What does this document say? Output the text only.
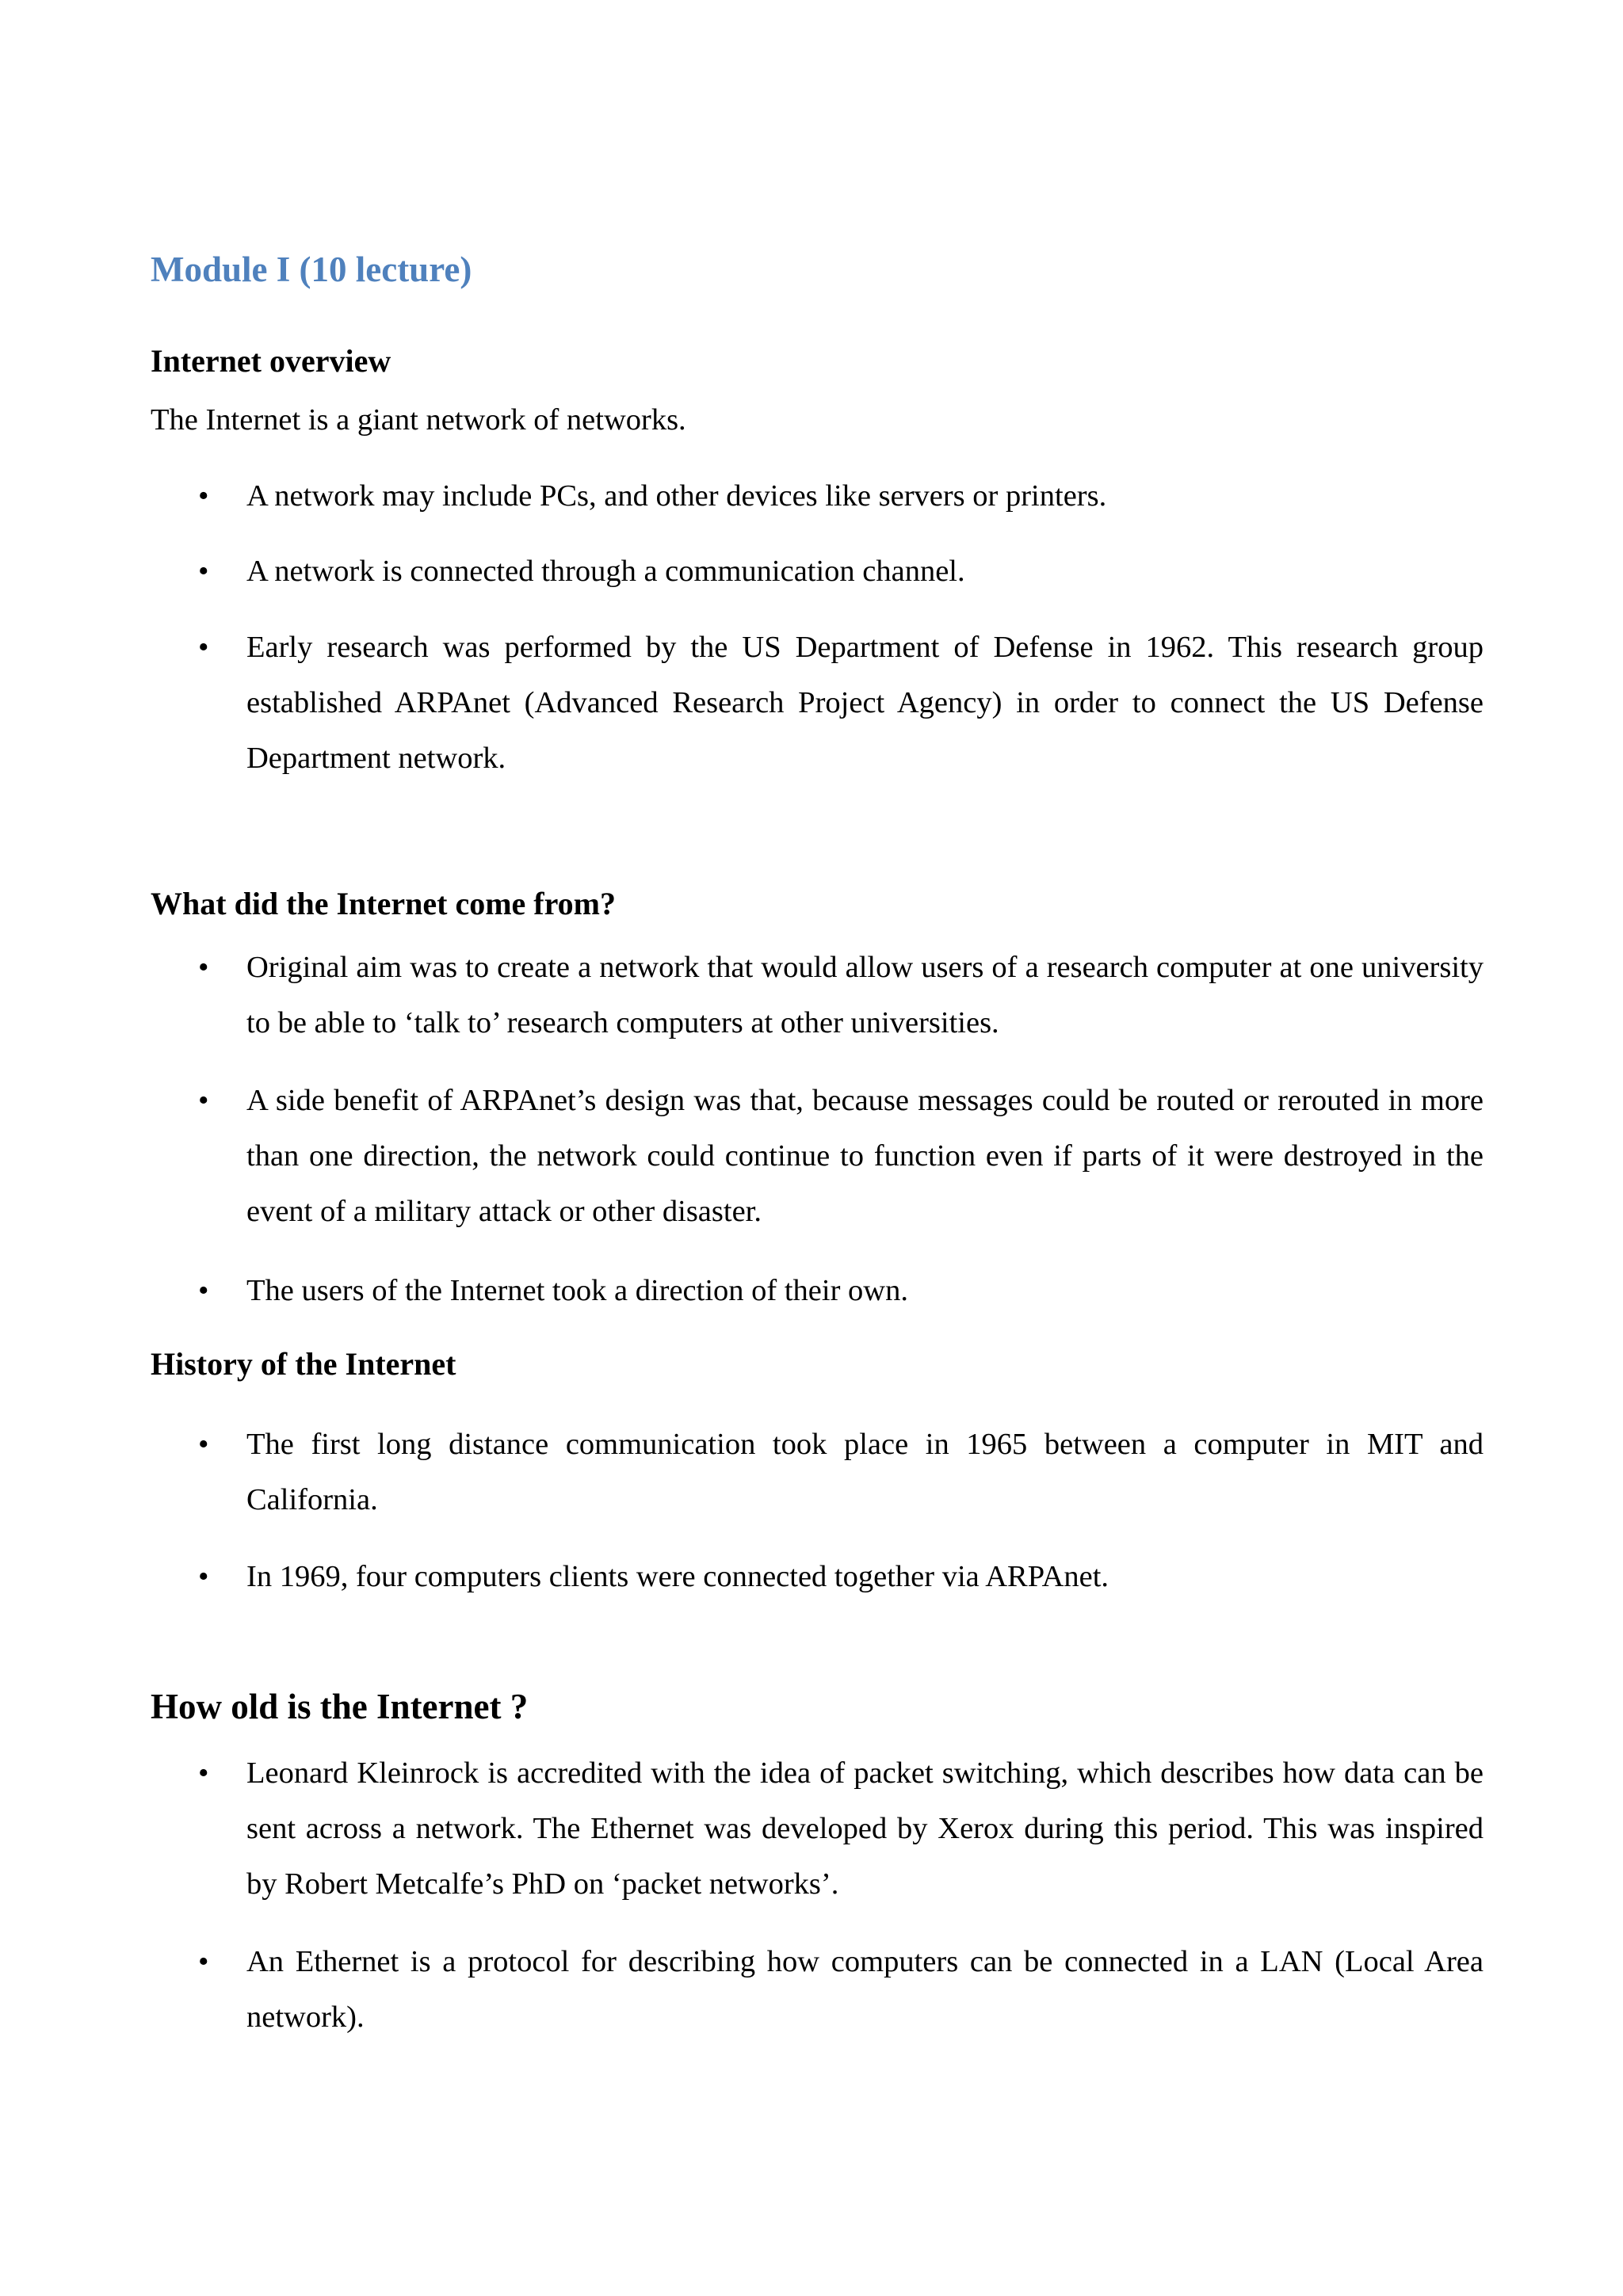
Module I (10 lecture)
Internet overview
The Internet is a giant network of networks.
• A network may include PCs, and other devices like servers or printers.
• A network is connected through a communication channel.
• Early research was performed by the US Department of Defense in 1962. This research group established ARPAnet (Advanced Research Project Agency) in order to connect the US Defense Department network.
What did the Internet come from?
• Original aim was to create a network that would allow users of a research computer at one university to be able to ‘talk to’ research computers at other universities.
• A side benefit of ARPAnet’s design was that, because messages could be routed or rerouted in more than one direction, the network could continue to function even if parts of it were destroyed in the event of a military attack or other disaster.
• The users of the Internet took a direction of their own.
History of the Internet
• The first long distance communication took place in 1965 between a computer in MIT and California.
• In 1969, four computers clients were connected together via ARPAnet.
How old is the Internet ?
• Leonard Kleinrock is accredited with the idea of packet switching, which describes how data can be sent across a network. The Ethernet was developed by Xerox during this period. This was inspired by Robert Metcalfe’s PhD on ‘packet networks’.
• An Ethernet is a protocol for describing how computers can be connected in a LAN (Local Area network).
